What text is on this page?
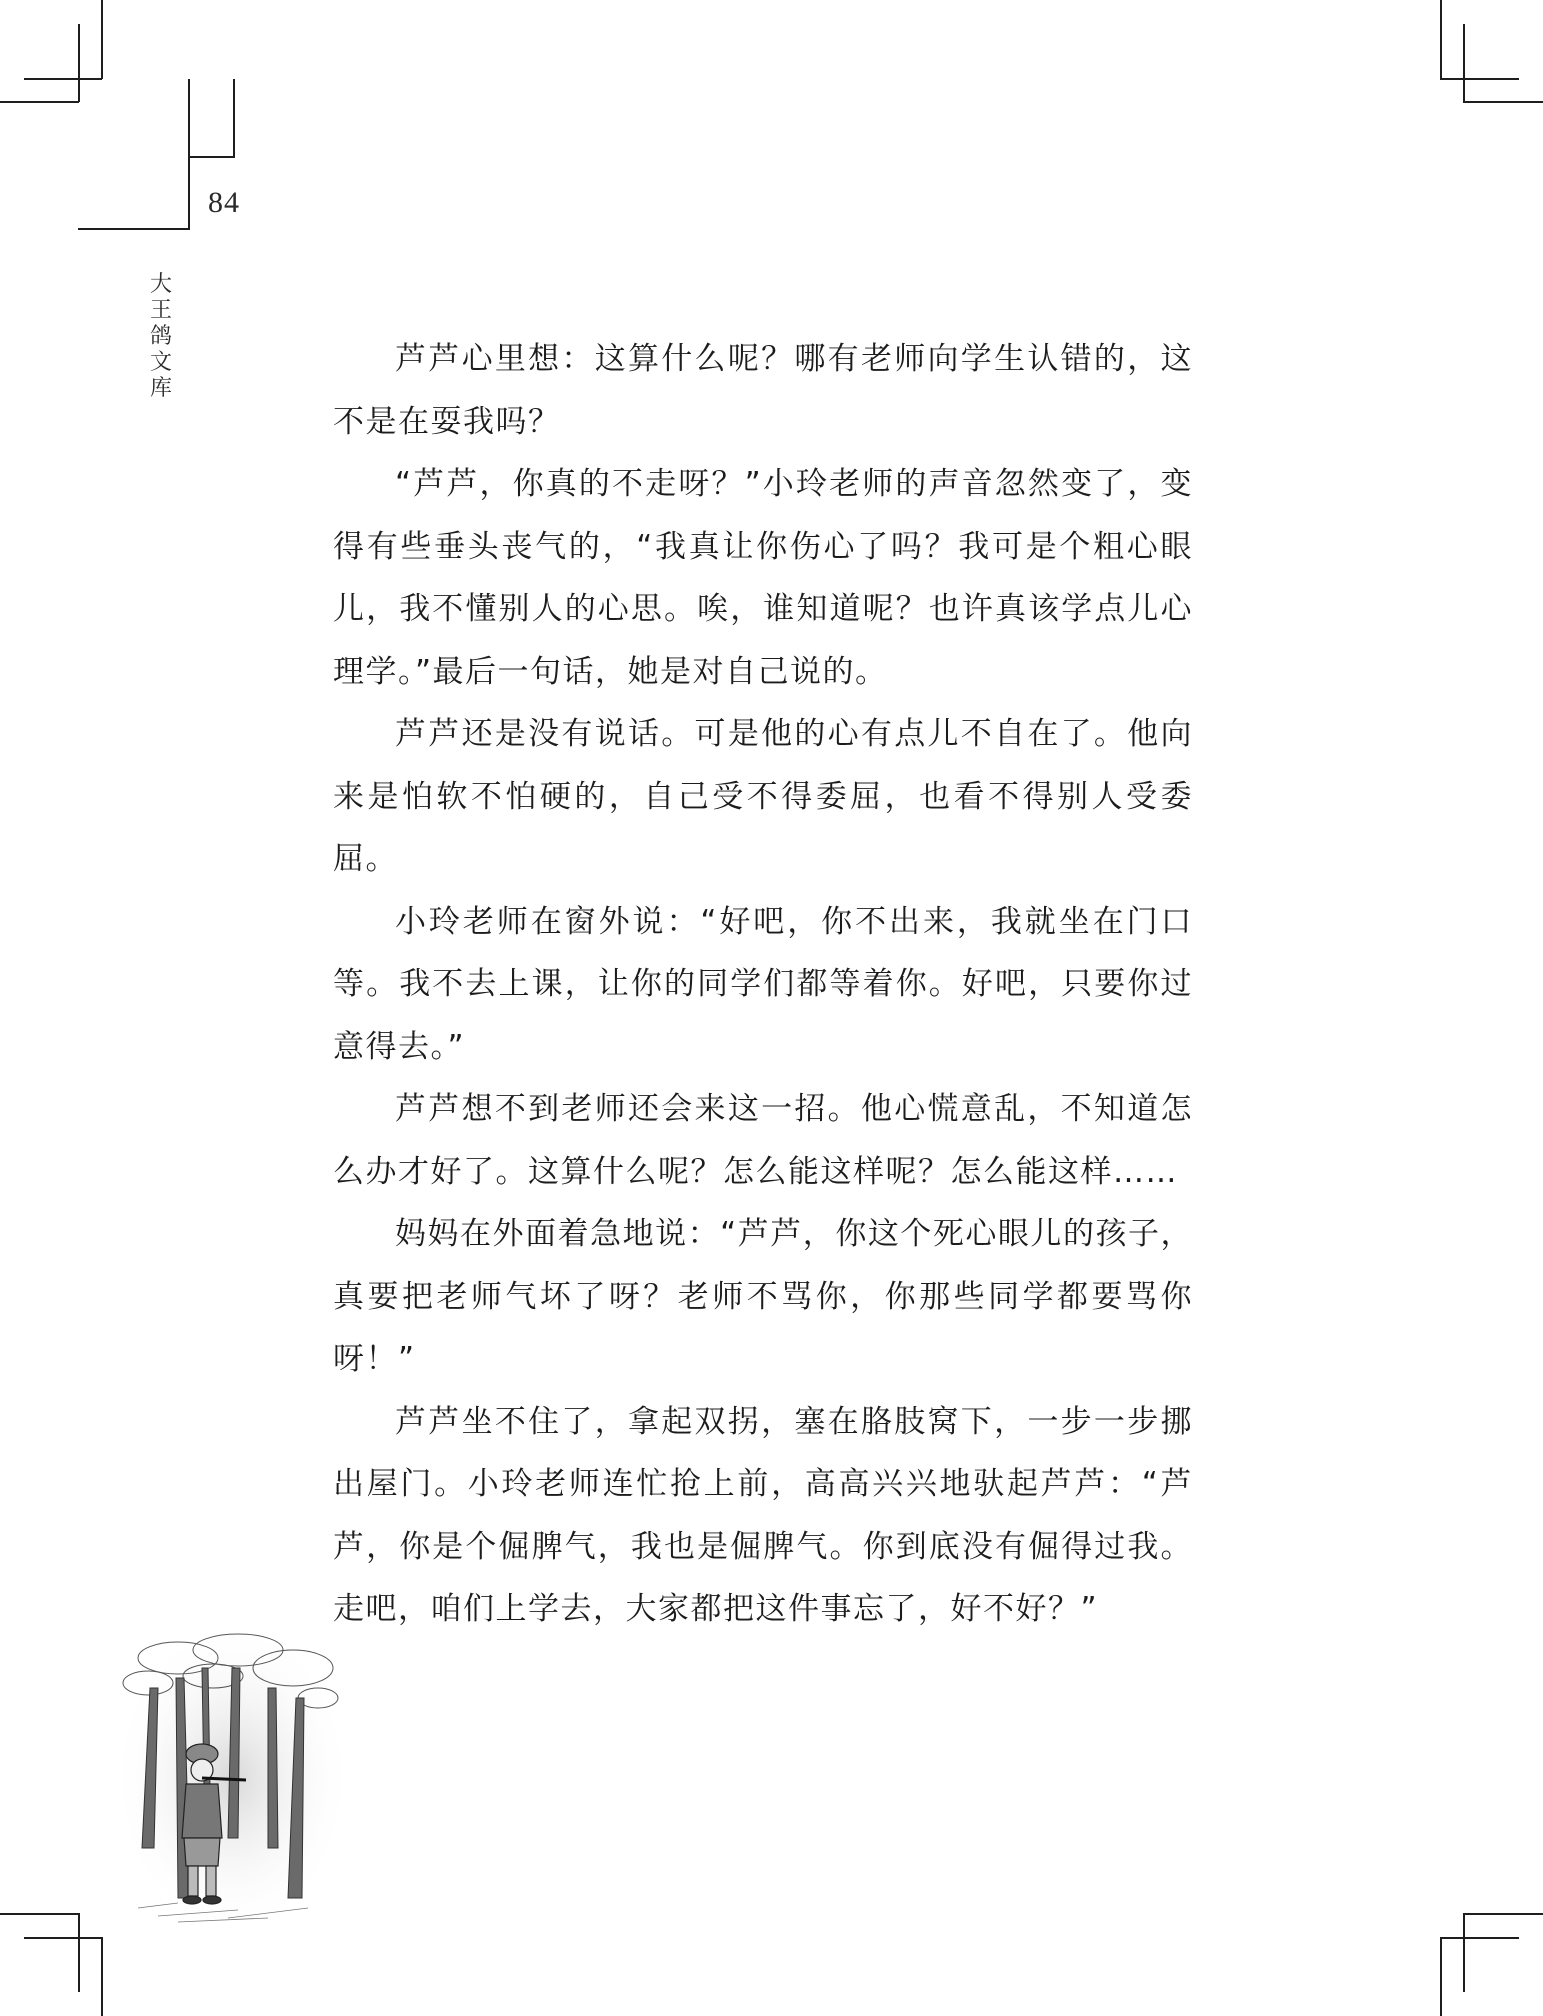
84
大
王
鸽
文
库

芦芦心里想：这算什么呢？哪有老师向学生认错的，这不是在耍我吗？

“芦芦，你真的不走呀？”小玲老师的声音忽然变了，变得有些垂头丧气的，“我真让你伤心了吗？我可是个粗心眼儿，我不懂别人的心思。唉，谁知道呢？也许真该学点儿心理学。”最后一句话，她是对自己说的。

芦芦还是没有说话。可是他的心有点儿不自在了。他向来是怕软不怕硬的，自己受不得委屈，也看不得别人受委屈。

小玲老师在窗外说：“好吧，你不出来，我就坐在门口等。我不去上课，让你的同学们都等着你。好吧，只要你过意得去。”

芦芦想不到老师还会来这一招。他心慌意乱，不知道怎么办才好了。这算什么呢？怎么能这样呢？怎么能这样……

妈妈在外面着急地说：“芦芦，你这个死心眼儿的孩子，真要把老师气坏了呀？老师不骂你，你那些同学都要骂你呀！”

芦芦坐不住了，拿起双拐，塞在胳肢窝下，一步一步挪出屋门。小玲老师连忙抢上前，高高兴兴地驮起芦芦：“芦芦，你是个倔脾气，我也是倔脾气。你到底没有倔得过我。走吧，咱们上学去，大家都把这件事忘了，好不好？”
